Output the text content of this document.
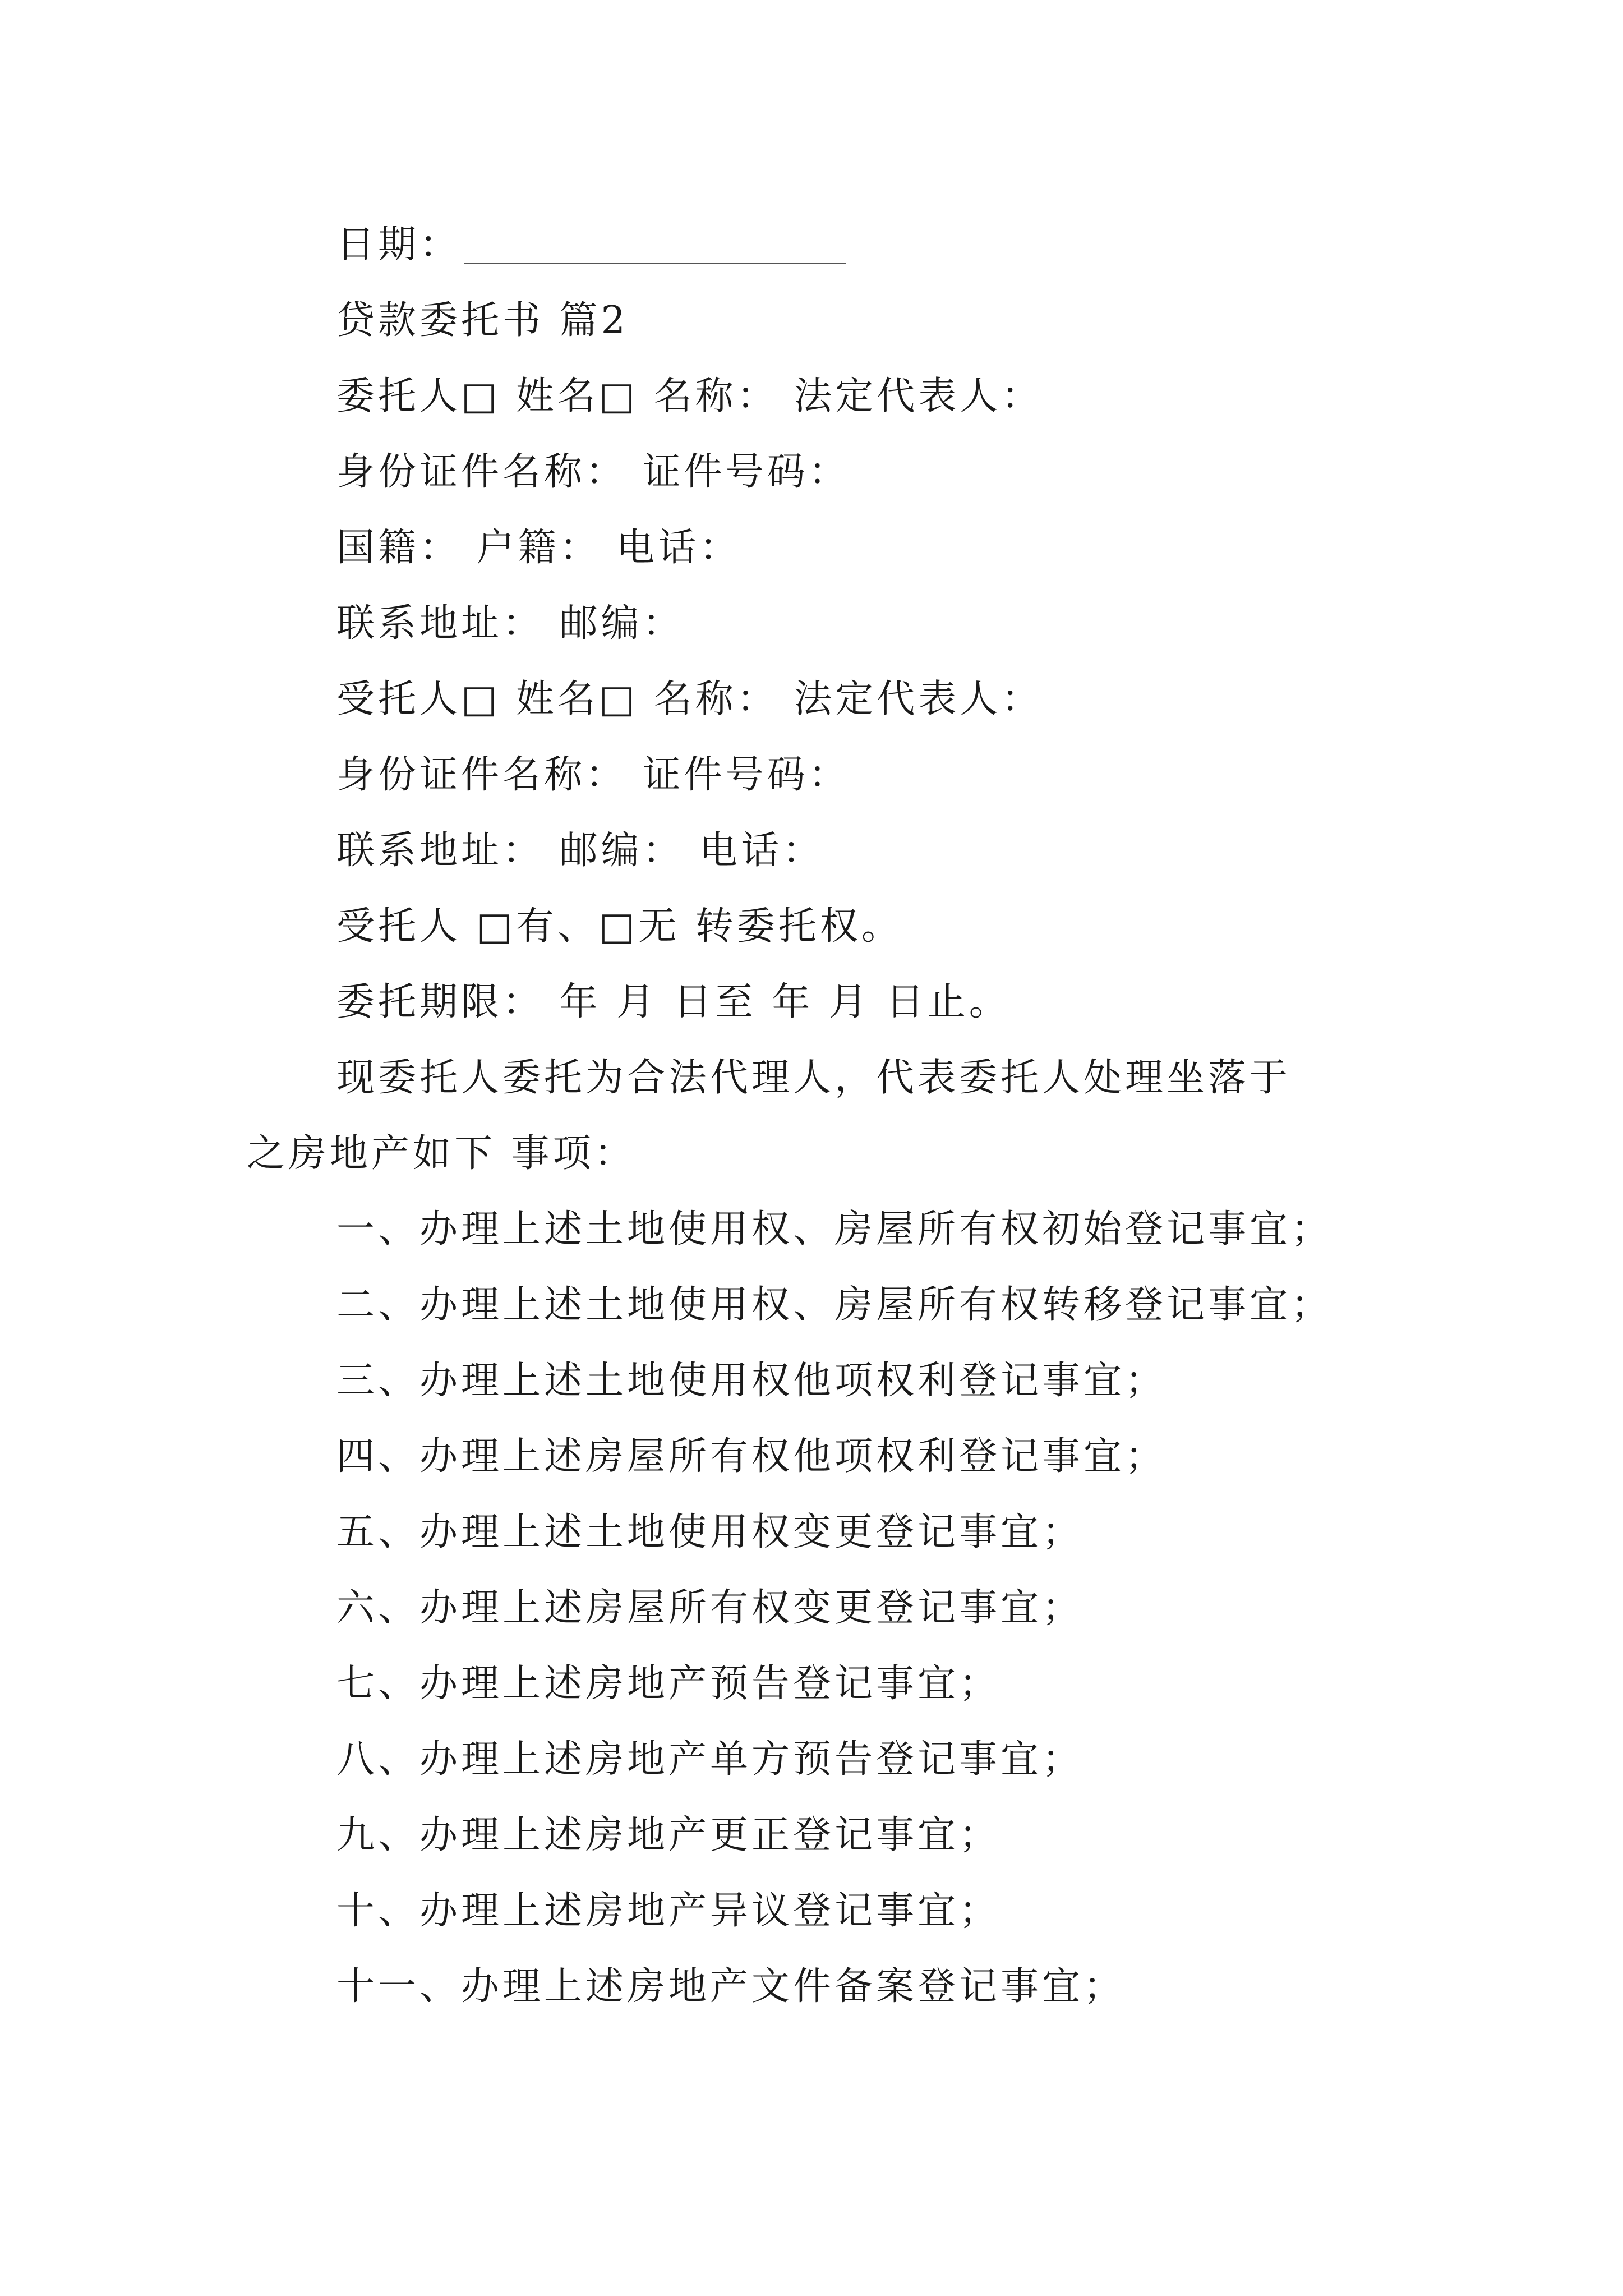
日期：
贷款委托书 篇2
委托人□ 姓名□ 名称： 法定代表人：
身份证件名称： 证件号码：
国籍： 户籍： 电话：
联系地址： 邮编：
受托人□ 姓名□ 名称： 法定代表人：
身份证件名称： 证件号码：
联系地址： 邮编： 电话：
受托人 □有、□无 转委托权。
委托期限： 年 月 日至 年 月 日止。
现委托人委托为合法代理人，代表委托人处理坐落于
之房地产如下 事项：
一、办理上述土地使用权、房屋所有权初始登记事宜；
二、办理上述土地使用权、房屋所有权转移登记事宜；
三、办理上述土地使用权他项权利登记事宜；
四、办理上述房屋所有权他项权利登记事宜；
五、办理上述土地使用权变更登记事宜；
六、办理上述房屋所有权变更登记事宜；
七、办理上述房地产预告登记事宜；
八、办理上述房地产单方预告登记事宜；
九、办理上述房地产更正登记事宜；
十、办理上述房地产异议登记事宜；
十一、办理上述房地产文件备案登记事宜；
